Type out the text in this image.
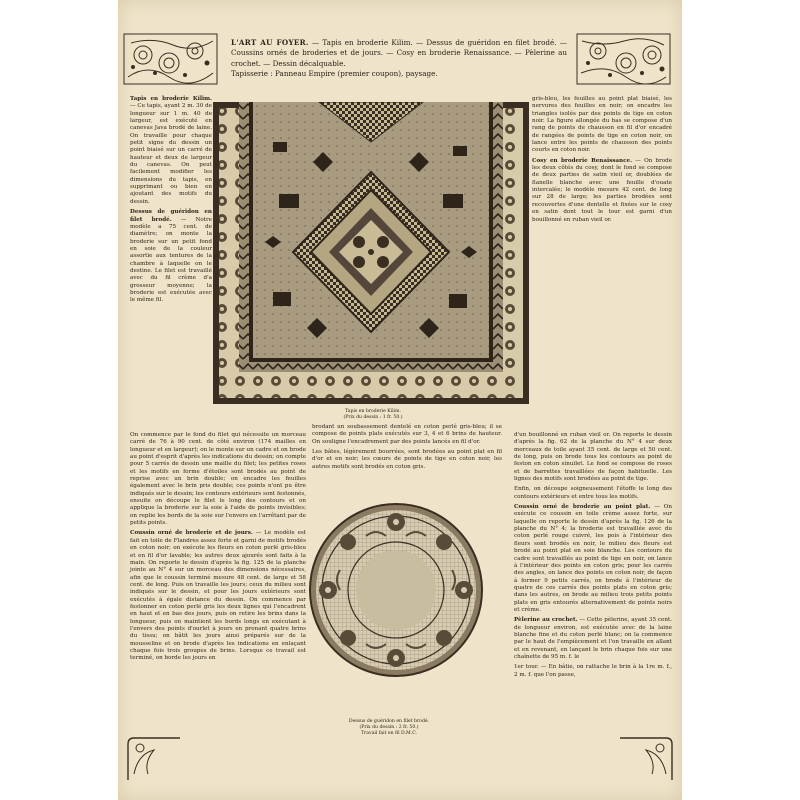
L'ART AU FOYER. — Tapis en broderie Kilim. — Dessus de guéridon en filet brodé. — Coussins ornés de broderies et de jours. — Cosy en broderie Renaissance. — Pèlerine au crochet. — Dessin décalquable.
Tapisserie : Panneau Empire (premier coupon), paysage.

Tapis en broderie Kilim. — Ce tapis, ayant 2 m. 30 de longueur sur 1 m. 40 de largeur, est exécuté en canevas Java brodé de laine. On travaille pour chaque petit signe du dessin un point biaisé sur un carré de hauteur et deux de largeur du canevas. On peut facilement modifier les dimensions du tapis, en supprimant ou bien en ajoutant des motifs du dessin.

Dessus de guéridon en filet brodé. — Notre modèle a 75 cent. de diamètre; on monte la broderie sur un petit fond en soie de la couleur assortie aux tentures de la chambre à laquelle on le destine. Le filet est travaillé avec du fil crème d'a grosseur moyenne; la broderie est exécutée avec le même fil.

Tapis en broderie Kilim.
(Prix du dessin : 1 fr. 50.)

gris-bleu, les feuilles au point plat biaisé, les nervures des feuilles en noir; on encadre les triangles isolés par des points de tige en coton noir. La figure allongée du bas se compose d'un rang de points de chausson en fil d'or encadré de rangées de points de tige en coton noir, on lance entre les points de chausson des points courts en coton noir.

Cosy en broderie Renaissance. — On brode les deux côtés du cosy, dont le fond se compose de deux parties de satin vieil or, doublées de flanelle blanche avec une feuille d'ouate intercalée; le modèle mesure 42 cent. de long sur 28 de large; les parties brodées sont recouvertes d'une dentelle et fixées sur le cosy en satin dont tout le tour est garni d'un bouillonné en ruban vieil or.

On commence par le fond du filet qui nécessite un morceau carré de 76 à 90 cent. de côté environ (174 mailles en longueur et en largeur); on le monte sur un cadre et on brode au point d'esprit d'après les indications du dessin; on compte pour 5 carrés de dessin une maille du filet; les petites roses et les motifs en forme d'étoiles sont brodés au point de reprise avec un brin double; on encadre les feuilles également avec le brin pris double; ces points n'ont pu être indiqués sur le dessin; les contours extérieurs sont festonnés, ensuite on découpe le filet le long des contours et on applique la broderie sur la soie à l'aide de points invisibles; on replie les bords de la soie sur l'envers en l'arrêtant par de petits points.

Coussin orné de broderie et de jours. — Le modèle est fait en toile de Flandres assez forte et garni de motifs brodés en coton noir; on exécute les fleurs en coton perlé gris-bleu et en fil d'or lavable; les autres deux ajourés sont faits à la main. On reporte le dessin d'après la fig. 125 de la planche jointe au N° 4 sur un morceau des dimensions nécessaires, afin que le coussin terminé mesure 48 cent. de large et 58 cent. de long. Puis on travaille les jours; ceux du milieu sont indiqués sur le dessin, et pour les jours extérieurs sont exécutés à égale distance du dessin. On commence par festonner en coton perlé gris les deux lignes qui l'encadrent en haut et en bas des jours, puis on retire les brins dans la longueur, puis on maintient les bords longs en exécutant à l'envers des points d'ourlet à jours en prenant quatre brins du tissu; on bâtit les jours ainsi préparés sur de la mousseline et on brode d'après les indications en enlaçant chaque fois trois groupes de brins. Lorsque ce travail est terminé, on borde les jours en

brodant un soubassement dentelé en coton perlé gris-bleu; il se compose de points plats exécutés sur 3, 4 et 6 brins de hauteur. On souligne l'encadrement par des points lancés en fil d'or.

Les bâtes, légèrement bourrées, sont brodées au point plat en fil d'or et en noir; les cœurs de points de tige en coton noir, les autres motifs sont brodés en coton gris.

Dessus de guéridon en filet brodé.
(Prix du dessin : 2 fr. 50.)
Travail fait en fil D.M.C.

d'un bouillonné en ruban vieil or. On reporte le dessin d'après la fig. 62 de la planche du N° 4 sur deux morceaux de toile ayant 35 cent. de large et 50 cent. de long, puis on brode tous les contours au point de feston en coton sinuilet. Le fond se compose de roses et de barrettes travaillées de façon habituelle. Les lignes des motifs sont brodées au point de tige.

Enfin, on découpe soigneusement l'étoffe le long des contours extérieurs et entre tous les motifs.

Coussin orné de broderie au point plat. — On exécute ce coussin en toile crème assez forte, sur laquelle on reporte le dessin d'après la fig. 126 de la planche du N° 4; la broderie est travaillée avec du coton perlé rouge cuivré, les pois à l'intérieur des fleurs sont brodés en noir, le milieu des fleurs est brodé au point plat en soie blanche. Les contours du cadre sont travaillés au point de tige en noir, on lance à l'intérieur des points en coton gris; pour les carrés des angles, on lance des points en coton noir, de façon à former 9 petits carrés, on brode à l'intérieur de quatre de ces carrés des points plats en coton gris; dans les autres, on brode au milieu trois petits points plats en gris entourés alternativement de points noirs et crème.

Pèlerine au crochet. — Cette pèlerine, ayant 35 cent. de longueur environ, est exécutée avec de la laine blanche fine et du coton perlé blanc; on la commence par le haut de l'empiècement et l'on travaille en allant et en revenant, en lançant le brin chaque fois sur une chaînette de 95 m. f. le

1er tour. — En bâtie, on rattache le brin à la 1re m. f., 2 m. f. que l'on passe,
